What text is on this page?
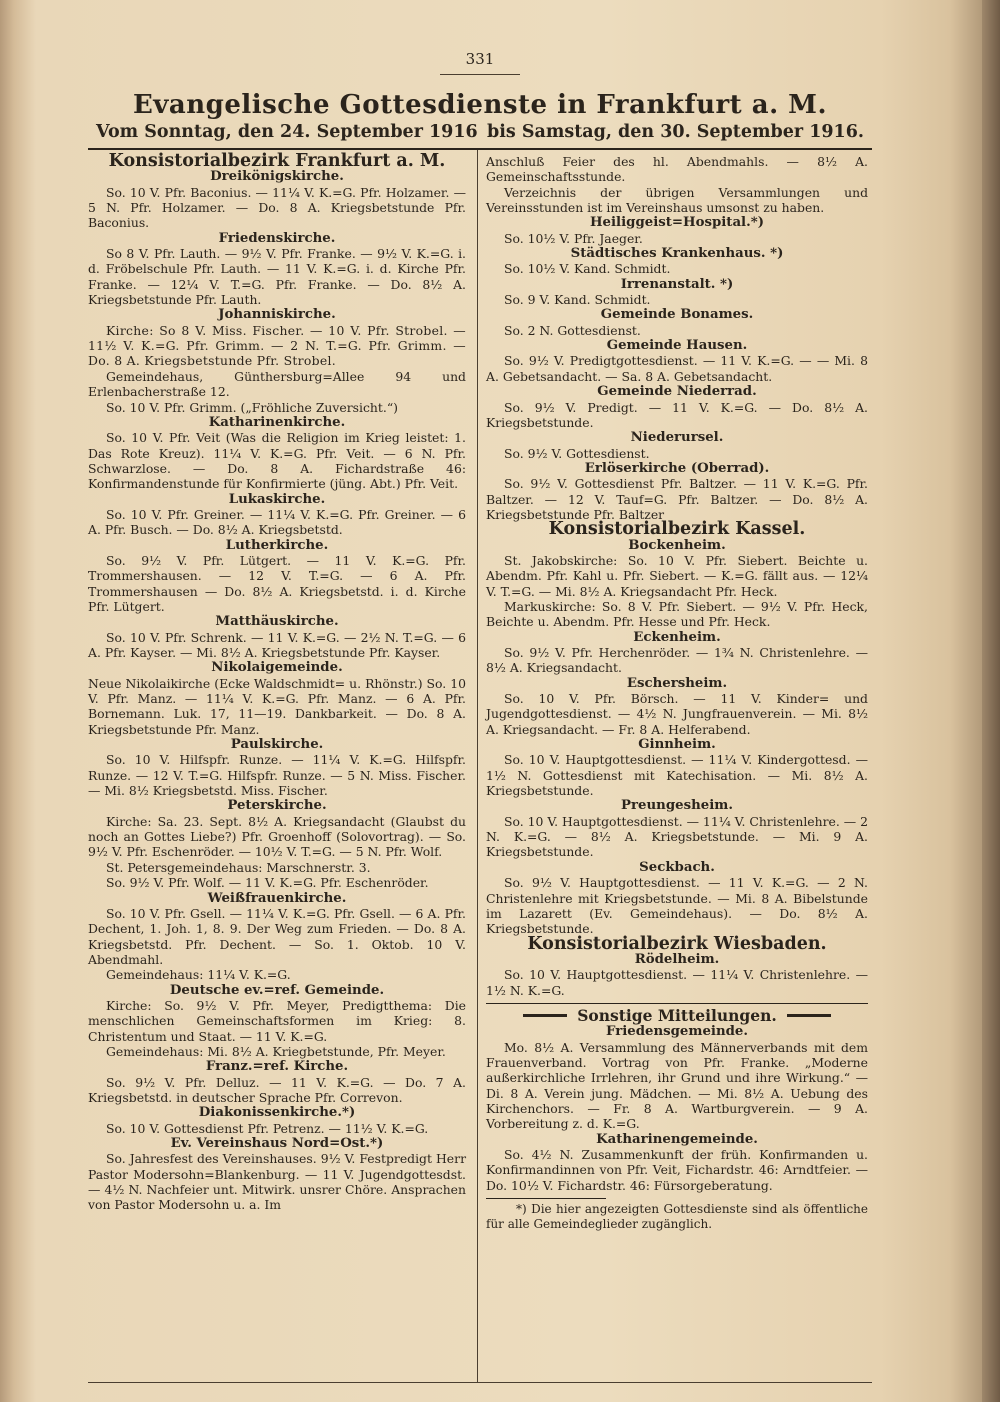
331
Evangelische Gottesdienste in Frankfurt a. M.
Vom Sonntag, den 24. September 1916 bis Samstag, den 30. September 1916.

Konsistorialbezirk Frankfurt a. M.

Dreikönigskirche.

So. 10 V. Pfr. Baconius. — 11¼ V. K.=G. Pfr. Holzamer. — 5 N. Pfr. Holzamer. — Do. 8 A. Kriegsbetstunde Pfr. Baconius.

Friedenskirche.

So 8 V. Pfr. Lauth. — 9½ V. Pfr. Franke. — 9½ V. K.=G. i. d. Fröbelschule Pfr. Lauth. — 11 V. K.=G. i. d. Kirche Pfr. Franke. — 12¼ V. T.=G. Pfr. Franke. — Do. 8½ A. Kriegsbetstunde Pfr. Lauth.

Johanniskirche.

Kirche: So 8 V. Miss. Fischer. — 10 V. Pfr. Strobel. — 11½ V. K.=G. Pfr. Grimm. — 2 N. T.=G. Pfr. Grimm. — Do. 8 A. Kriegsbetstunde Pfr. Strobel.

Gemeindehaus, Günthersburg=Allee 94 und Erlenbacherstraße 12.

So. 10 V. Pfr. Grimm. („Fröhliche Zuversicht.“)

Katharinenkirche.

So. 10 V. Pfr. Veit (Was die Religion im Krieg leistet: 1. Das Rote Kreuz). 11¼ V. K.=G. Pfr. Veit. — 6 N. Pfr. Schwarzlose. — Do. 8 A. Fichardstraße 46: Konfirmandenstunde für Konfirmierte (jüng. Abt.) Pfr. Veit.

Lukaskirche.

So. 10 V. Pfr. Greiner. — 11¼ V. K.=G. Pfr. Greiner. — 6 A. Pfr. Busch. — Do. 8½ A. Kriegsbetstd.

Lutherkirche.

So. 9½ V. Pfr. Lütgert. — 11 V. K.=G. Pfr. Trommershausen. — 12 V. T.=G. — 6 A. Pfr. Trommershausen — Do. 8½ A. Kriegsbetstd. i. d. Kirche Pfr. Lütgert.

Matthäuskirche.

So. 10 V. Pfr. Schrenk. — 11 V. K.=G. — 2½ N. T.=G. — 6 A. Pfr. Kayser. — Mi. 8½ A. Kriegsbetstunde Pfr. Kayser.

Nikolaigemeinde.

Neue Nikolaikirche (Ecke Waldschmidt= u. Rhönstr.) So. 10 V. Pfr. Manz. — 11¼ V. K.=G. Pfr. Manz. — 6 A. Pfr. Bornemann. Luk. 17, 11—19. Dankbarkeit. — Do. 8 A. Kriegsbetstunde Pfr. Manz.

Paulskirche.

So. 10 V. Hilfspfr. Runze. — 11¼ V. K.=G. Hilfspfr. Runze. — 12 V. T.=G. Hilfspfr. Runze. — 5 N. Miss. Fischer. — Mi. 8½ Kriegsbetstd. Miss. Fischer.

Peterskirche.

Kirche: Sa. 23. Sept. 8½ A. Kriegsandacht (Glaubst du noch an Gottes Liebe?) Pfr. Groenhoff (Solovortrag). — So. 9½ V. Pfr. Eschenröder. — 10½ V. T.=G. — 5 N. Pfr. Wolf.

St. Petersgemeindehaus: Marschnerstr. 3.

So. 9½ V. Pfr. Wolf. — 11 V. K.=G. Pfr. Eschenröder.

Weißfrauenkirche.

So. 10 V. Pfr. Gsell. — 11¼ V. K.=G. Pfr. Gsell. — 6 A. Pfr. Dechent, 1. Joh. 1, 8. 9. Der Weg zum Frieden. — Do. 8 A. Kriegsbetstd. Pfr. Dechent. — So. 1. Oktob. 10 V. Abendmahl.

Gemeindehaus: 11¼ V. K.=G.

Deutsche ev.=ref. Gemeinde.

Kirche: So. 9½ V. Pfr. Meyer, Predigtthema: Die menschlichen Gemeinschaftsformen im Krieg: 8. Christentum und Staat. — 11 V. K.=G.

Gemeindehaus: Mi. 8½ A. Kriegbetstunde, Pfr. Meyer.

Franz.=ref. Kirche.

So. 9½ V. Pfr. Delluz. — 11 V. K.=G. — Do. 7 A. Kriegsbetstd. in deutscher Sprache Pfr. Correvon.

Diakonissenkirche.*)

So. 10 V. Gottesdienst Pfr. Petrenz. — 11½ V. K.=G.

Ev. Vereinshaus Nord=Ost.*)

So. Jahresfest des Vereinshauses. 9½ V. Festpredigt Herr Pastor Modersohn=Blankenburg. — 11 V. Jugendgottesdst. — 4½ N. Nachfeier unt. Mitwirk. unsrer Chöre. Ansprachen von Pastor Modersohn u. a. Im

Anschluß Feier des hl. Abendmahls. — 8½ A. Gemeinschaftsstunde.

Verzeichnis der übrigen Versammlungen und Vereinsstunden ist im Vereinshaus umsonst zu haben.

Heiliggeist=Hospital.*)

So. 10½ V. Pfr. Jaeger.

Städtisches Krankenhaus. *)

So. 10½ V. Kand. Schmidt.

Irrenanstalt. *)

So. 9 V. Kand. Schmidt.

Gemeinde Bonames.

So. 2 N. Gottesdienst.

Gemeinde Hausen.

So. 9½ V. Predigtgottesdienst. — 11 V. K.=G. — — Mi. 8 A. Gebetsandacht. — Sa. 8 A. Gebetsandacht.

Gemeinde Niederrad.

So. 9½ V. Predigt. — 11 V. K.=G. — Do. 8½ A. Kriegsbetstunde.

Niederursel.

So. 9½ V. Gottesdienst.

Erlöserkirche (Oberrad).

So. 9½ V. Gottesdienst Pfr. Baltzer. — 11 V. K.=G. Pfr. Baltzer. — 12 V. Tauf=G. Pfr. Baltzer. — Do. 8½ A. Kriegsbetstunde Pfr. Baltzer

Konsistorialbezirk Kassel.

Bockenheim.

St. Jakobskirche: So. 10 V. Pfr. Siebert. Beichte u. Abendm. Pfr. Kahl u. Pfr. Siebert. — K.=G. fällt aus. — 12¼ V. T.=G. — Mi. 8½ A. Kriegsandacht Pfr. Heck.

Markuskirche: So. 8 V. Pfr. Siebert. — 9½ V. Pfr. Heck, Beichte u. Abendm. Pfr. Hesse und Pfr. Heck.

Eckenheim.

So. 9½ V. Pfr. Herchenröder. — 1¾ N. Christenlehre. — 8½ A. Kriegsandacht.

Eschersheim.

So. 10 V. Pfr. Börsch. — 11 V. Kinder= und Jugendgottesdienst. — 4½ N. Jungfrauenverein. — Mi. 8½ A. Kriegsandacht. — Fr. 8 A. Helferabend.

Ginnheim.

So. 10 V. Hauptgottesdienst. — 11¼ V. Kindergottesd. — 1½ N. Gottesdienst mit Katechisation. — Mi. 8½ A. Kriegsbetstunde.

Preungesheim.

So. 10 V. Hauptgottesdienst. — 11¼ V. Christenlehre. — 2 N. K.=G. — 8½ A. Kriegsbetstunde. — Mi. 9 A. Kriegsbetstunde.

Seckbach.

So. 9½ V. Hauptgottesdienst. — 11 V. K.=G. — 2 N. Christenlehre mit Kriegsbetstunde. — Mi. 8 A. Bibelstunde im Lazarett (Ev. Gemeindehaus). — Do. 8½ A. Kriegsbetstunde.

Konsistorialbezirk Wiesbaden.

Rödelheim.

So. 10 V. Hauptgottesdienst. — 11¼ V. Christenlehre. — 1½ N. K.=G.

Sonstige Mitteilungen.

Friedensgemeinde.

Mo. 8½ A. Versammlung des Männerverbands mit dem Frauenverband. Vortrag von Pfr. Franke. „Moderne außerkirchliche Irrlehren, ihr Grund und ihre Wirkung.“ — Di. 8 A. Verein jung. Mädchen. — Mi. 8½ A. Uebung des Kirchenchors. — Fr. 8 A. Wartburgverein. — 9 A. Vorbereitung z. d. K.=G.

Katharinengemeinde.

So. 4½ N. Zusammenkunft der früh. Konfirmanden u. Konfirmandinnen von Pfr. Veit, Fichardstr. 46: Arndtfeier. — Do. 10½ V. Fichardstr. 46: Fürsorgeberatung.

*) Die hier angezeigten Gottesdienste sind als öffentliche für alle Gemeindeglieder zugänglich.
